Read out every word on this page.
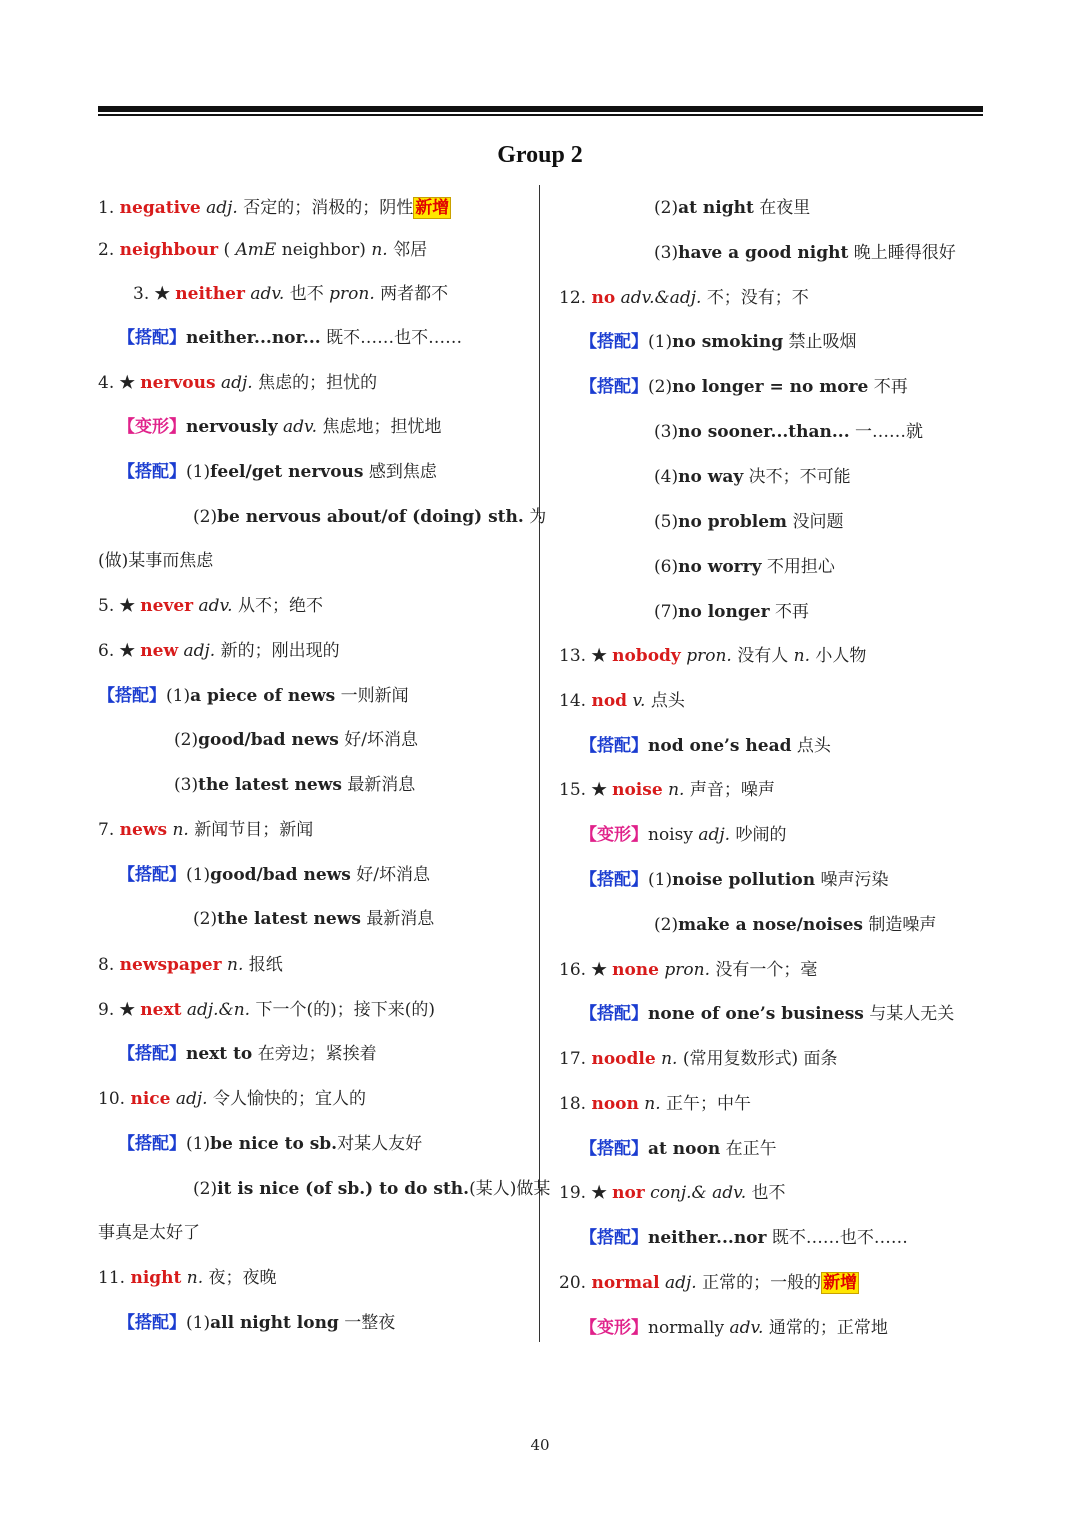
Group 2
1. negative adj. 否定的；消极的；阴性 新增
2. neighbour ( AmE neighbor) n. 邻居
3. ★ neither adv. 也不 pron. 两者都不
【搭配】neither...nor... 既不……也不……
4. ★ nervous adj. 焦虑的；担忧的
【变形】nervously adv. 焦虑地；担忧地
【搭配】(1)feel/get nervous 感到焦虑
(2)be nervous about/of (doing) sth. 为
(做)某事而焦虑
5. ★ never adv. 从不；绝不
6. ★ new adj. 新的；刚出现的
【搭配】(1)a piece of news 一则新闻
(2)good/bad news 好/坏消息
(3)the latest news 最新消息
7. news n. 新闻节目；新闻
【搭配】(1)good/bad news 好/坏消息
(2)the latest news 最新消息
8. newspaper n. 报纸
9. ★ next adj.&n. 下一个(的)；接下来(的)
【搭配】next to 在旁边；紧挨着
10. nice adj. 令人愉快的；宜人的
【搭配】(1)be nice to sb.对某人友好
(2)it is nice (of sb.) to do sth.(某人)做某
事真是太好了
11. night n. 夜；夜晚
【搭配】(1)all night long 一整夜
(2)at night 在夜里
(3)have a good night 晚上睡得很好
12. no adv.&adj. 不；没有；不
【搭配】(1)no smoking 禁止吸烟
【搭配】(2)no longer = no more 不再
(3)no sooner...than... 一……就
(4)no way 决不；不可能
(5)no problem 没问题
(6)no worry 不用担心
(7)no longer 不再
13. ★ nobody pron. 没有人 n. 小人物
14. nod v. 点头
【搭配】nod one’s head 点头
15. ★ noise n. 声音；噪声
【变形】noisy adj. 吵闹的
【搭配】(1)noise pollution 噪声污染
(2)make a nose/noises 制造噪声
16. ★ none pron. 没有一个；毫
【搭配】none of one’s business 与某人无关
17. noodle n. (常用复数形式) 面条
18. noon n. 正午；中午
【搭配】at noon 在正午
19. ★ nor conj.& adv. 也不
【搭配】neither...nor 既不……也不……
20. normal adj. 正常的；一般的 新增
【变形】normally adv. 通常的；正常地
40
